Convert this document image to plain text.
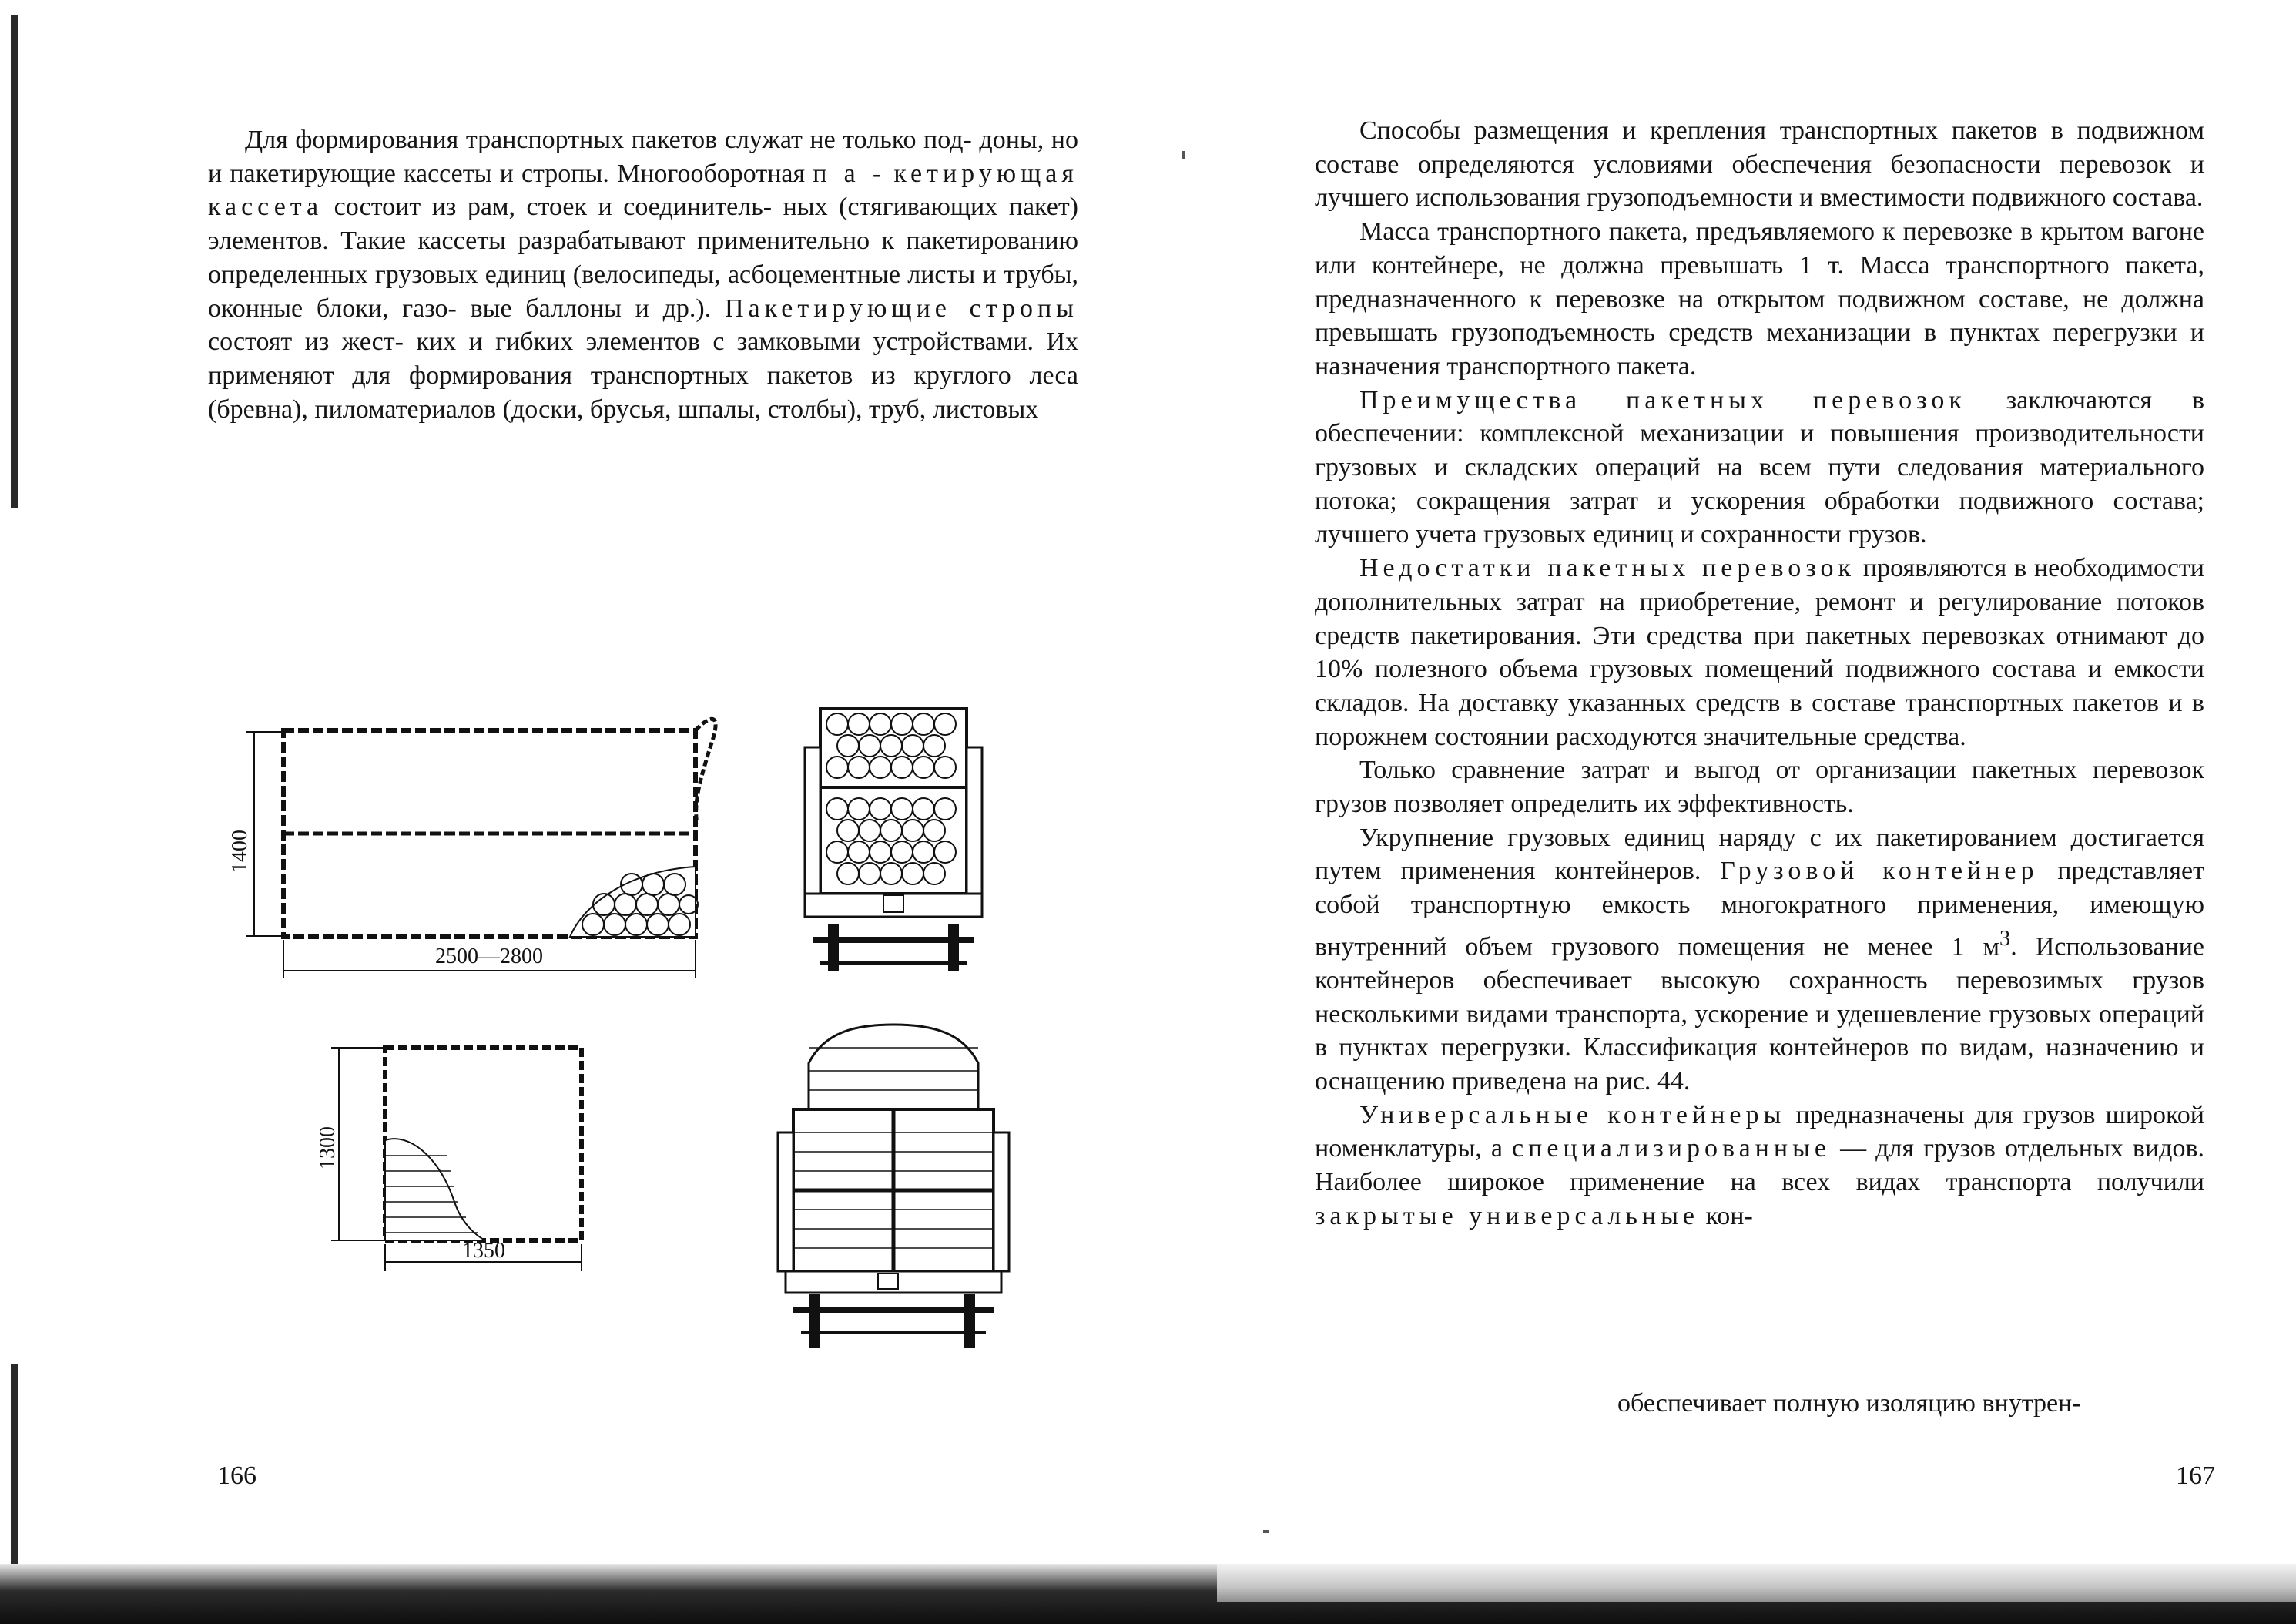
Для формирования транспортных пакетов служат не только под- доны, но и пакетирующие кассеты и стропы. Многооборотная п а - кетирующая кассета состоит из рам, стоек и соединитель- ных (стягивающих пакет) элементов. Такие кассеты разрабатывают применительно к пакетированию определенных грузовых единиц (велосипеды, асбоцементные листы и трубы, оконные блоки, газо- вые баллоны и др.). Пакетирующие стропы состоят из жест- ких и гибких элементов с замковыми устройствами. Их применяют для формирования транспортных пакетов из круглого леса (бревна), пиломатериалов (доски, брусья, шпалы, столбы), труб, листовых

1400
2500—2800
1300
1350

Способы размещения и крепления транспортных пакетов в подвижном составе определяются условиями обеспечения безопасности перевозок и лучшего использования грузоподъемности и вместимости подвижного состава.

Масса транспортного пакета, предъявляемого к перевозке в крытом вагоне или контейнере, не должна превышать 1 т. Масса транспортного пакета, предназначенного к перевозке на открытом подвижном составе, не должна превышать грузоподъемность средств механизации в пунктах перегрузки и назначения транспортного пакета.

Преимущества пакетных перевозок заключаются в обеспечении: комплексной механизации и повышения производительности грузовых и складских операций на всем пути следования материального потока; сокращения затрат и ускорения обработки подвижного состава; лучшего учета грузовых единиц и сохранности грузов.

Недостатки пакетных перевозок проявляются в необходимости дополнительных затрат на приобретение, ремонт и регулирование потоков средств пакетирования. Эти средства при пакетных перевозках отнимают до 10% полезного объема грузовых помещений подвижного состава и емкости складов. На доставку указанных средств в составе транспортных пакетов и в порожнем состоянии расходуются значительные средства.

Только сравнение затрат и выгод от организации пакетных перевозок грузов позволяет определить их эффективность.

Укрупнение грузовых единиц наряду с их пакетированием достигается путем применения контейнеров. Грузовой контейнер представляет собой транспортную емкость многократного применения, имеющую внутренний объем грузового помещения не менее 1 $м^3$. Использование контейнеров обеспечивает высокую сохранность перевозимых грузов несколькими видами транспорта, ускорение и удешевление грузовых операций в пунктах перегрузки. Классификация контейнеров по видам, назначению и оснащению приведена на рис. 44.

Универсальные контейнеры предназначены для грузов широкой номенклатуры, а специализированные — для грузов отдельных видов. Наиболее широкое применение на всех видах транспорта получили закрытые универсальные кон-

обеспечивает полную изоляцию внутрен-
166	167
